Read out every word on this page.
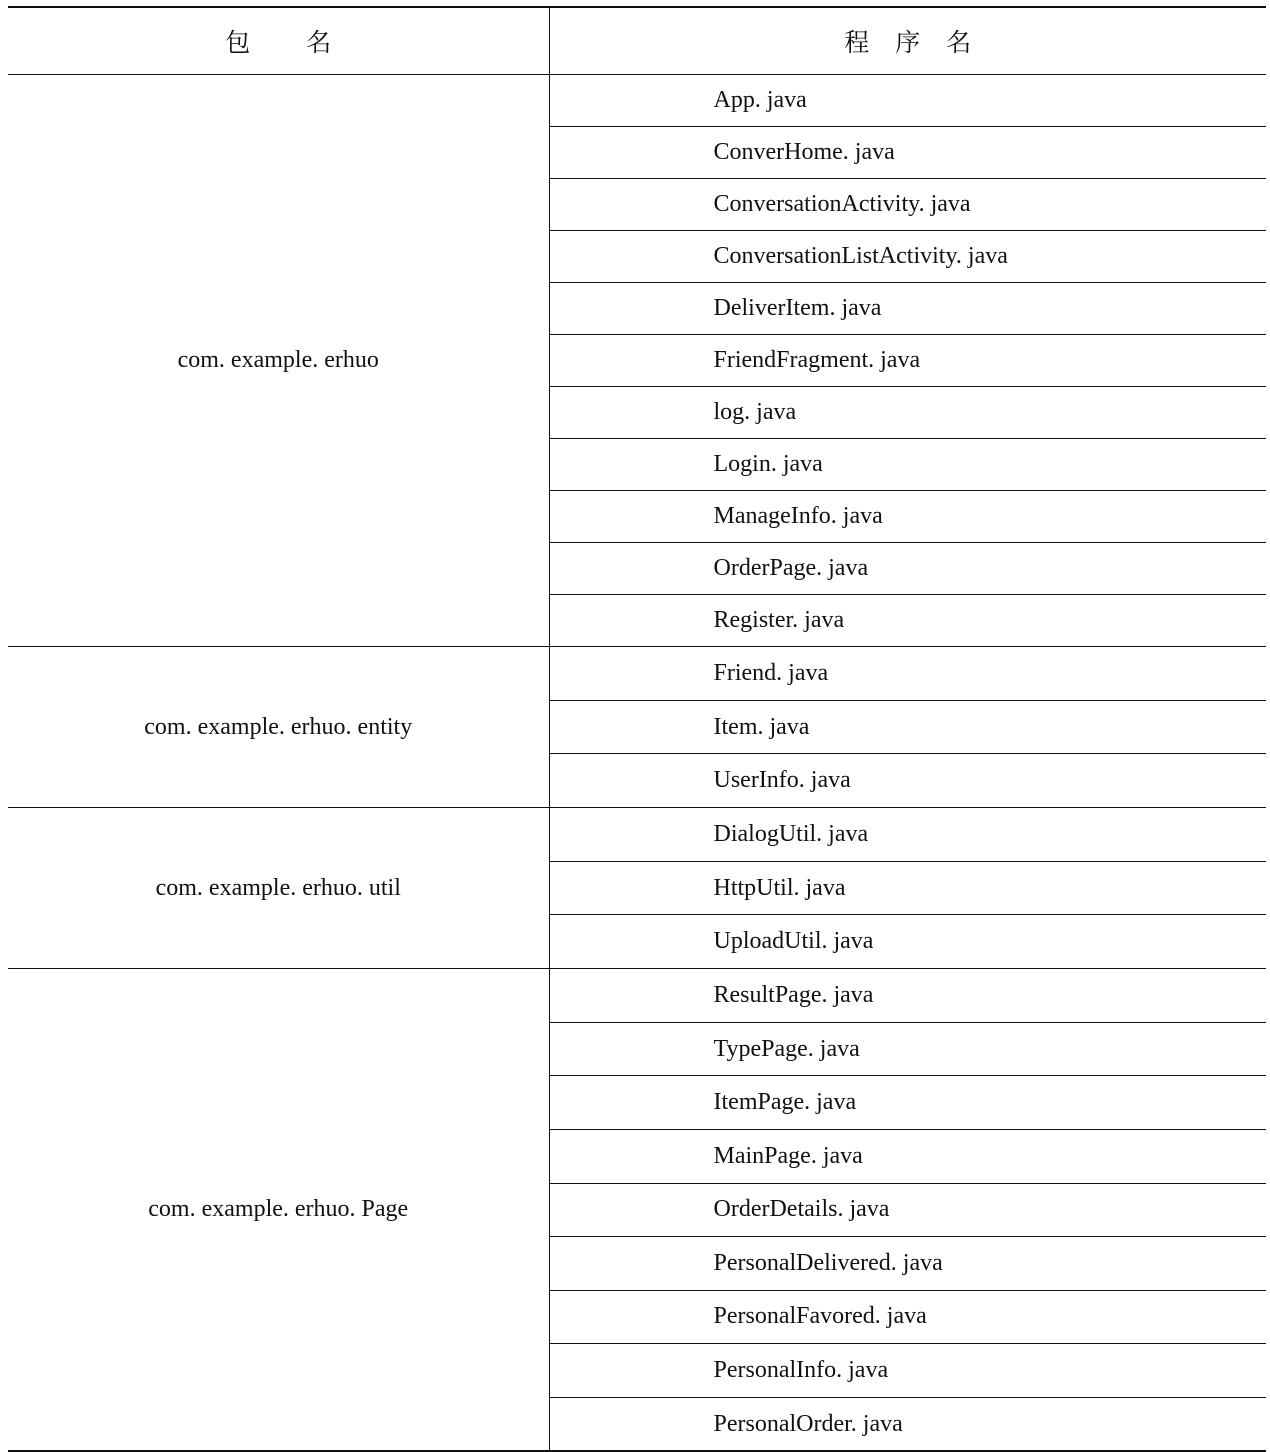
包名	程序名
com. example. erhuo	App. java
	ConverHome. java
	ConversationActivity. java
	ConversationListActivity. java
	DeliverItem. java
	FriendFragment. java
	log. java
	Login. java
	ManageInfo. java
	OrderPage. java
	Register. java
com. example. erhuo. entity	Friend. java
	Item. java
	UserInfo. java
com. example. erhuo. util	DialogUtil. java
	HttpUtil. java
	UploadUtil. java
com. example. erhuo. Page	ResultPage. java
	TypePage. java
	ItemPage. java
	MainPage. java
	OrderDetails. java
	PersonalDelivered. java
	PersonalFavored. java
	PersonalInfo. java
	PersonalOrder. java
